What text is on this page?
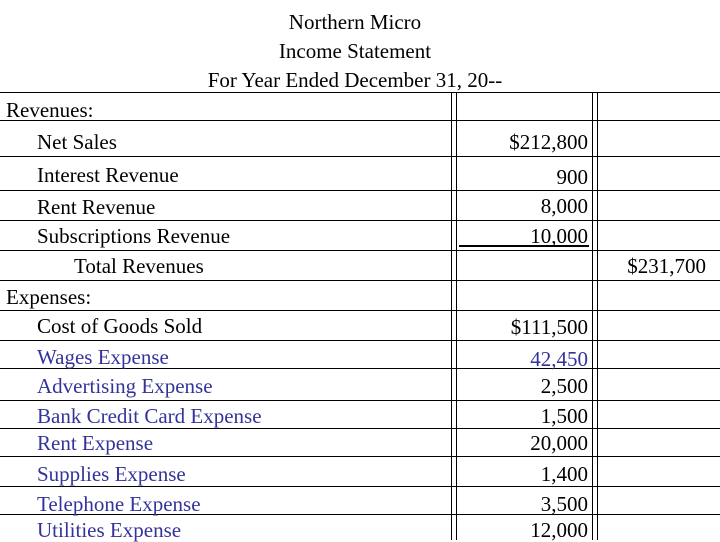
Northern Micro
Income Statement
For Year Ended December 31, 20--
Revenues:
Net Sales	$212,800
Interest Revenue	900
Rent Revenue	8,000
Subscriptions Revenue	10,000
Total Revenues	$231,700
Expenses:
Cost of Goods Sold	$111,500
Wages Expense	42,450
Advertising Expense	2,500
Bank Credit Card Expense	1,500
Rent Expense	20,000
Supplies Expense	1,400
Telephone Expense	3,500
Utilities Expense	12,000
